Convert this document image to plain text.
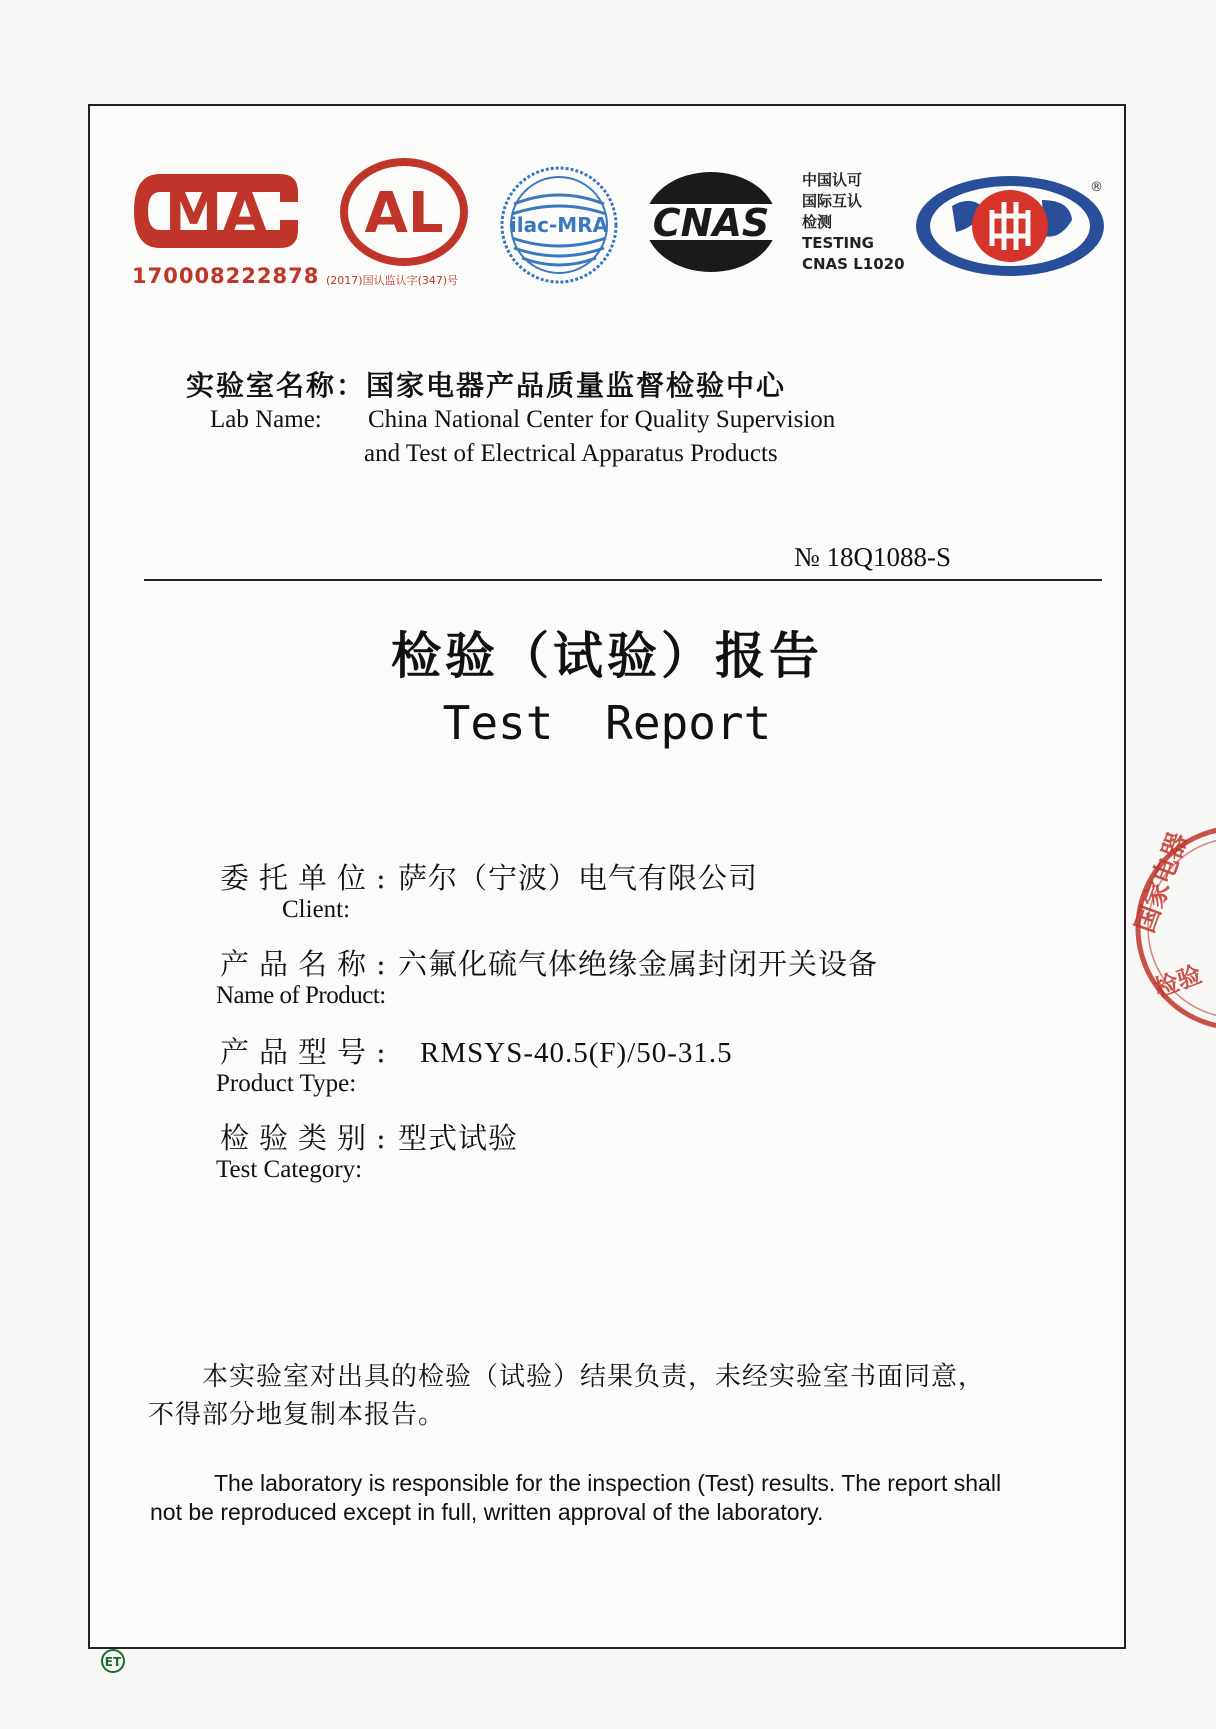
MA
170008222878
AL
(2017)国认监认字(347)号
ilac-MRA CNAS
中国认可
国际互认
检测
TESTING
CNAS L1020
®
实验室名称：国家电器产品质量监督检验中心
Lab Name: China National Center for Quality Supervision
and Test of Electrical Apparatus Products
№ 18Q1088-S
检验（试验）报告
Test Report
委托单位:萨尔（宁波）电气有限公司
Client:
产品名称:六氟化硫气体绝缘金属封闭开关设备
Name of Product:
产品型号: RMSYS-40.5(F)/50-31.5
Product Type:
检验类别:型式试验
Test Category:
本实验室对出具的检验（试验）结果负责，未经实验室书面同意，
不得部分地复制本报告。
The laboratory is responsible for the inspection (Test) results. The report shall
not be reproduced except in full, written approval of the laboratory.
国家电器
检验
ET
